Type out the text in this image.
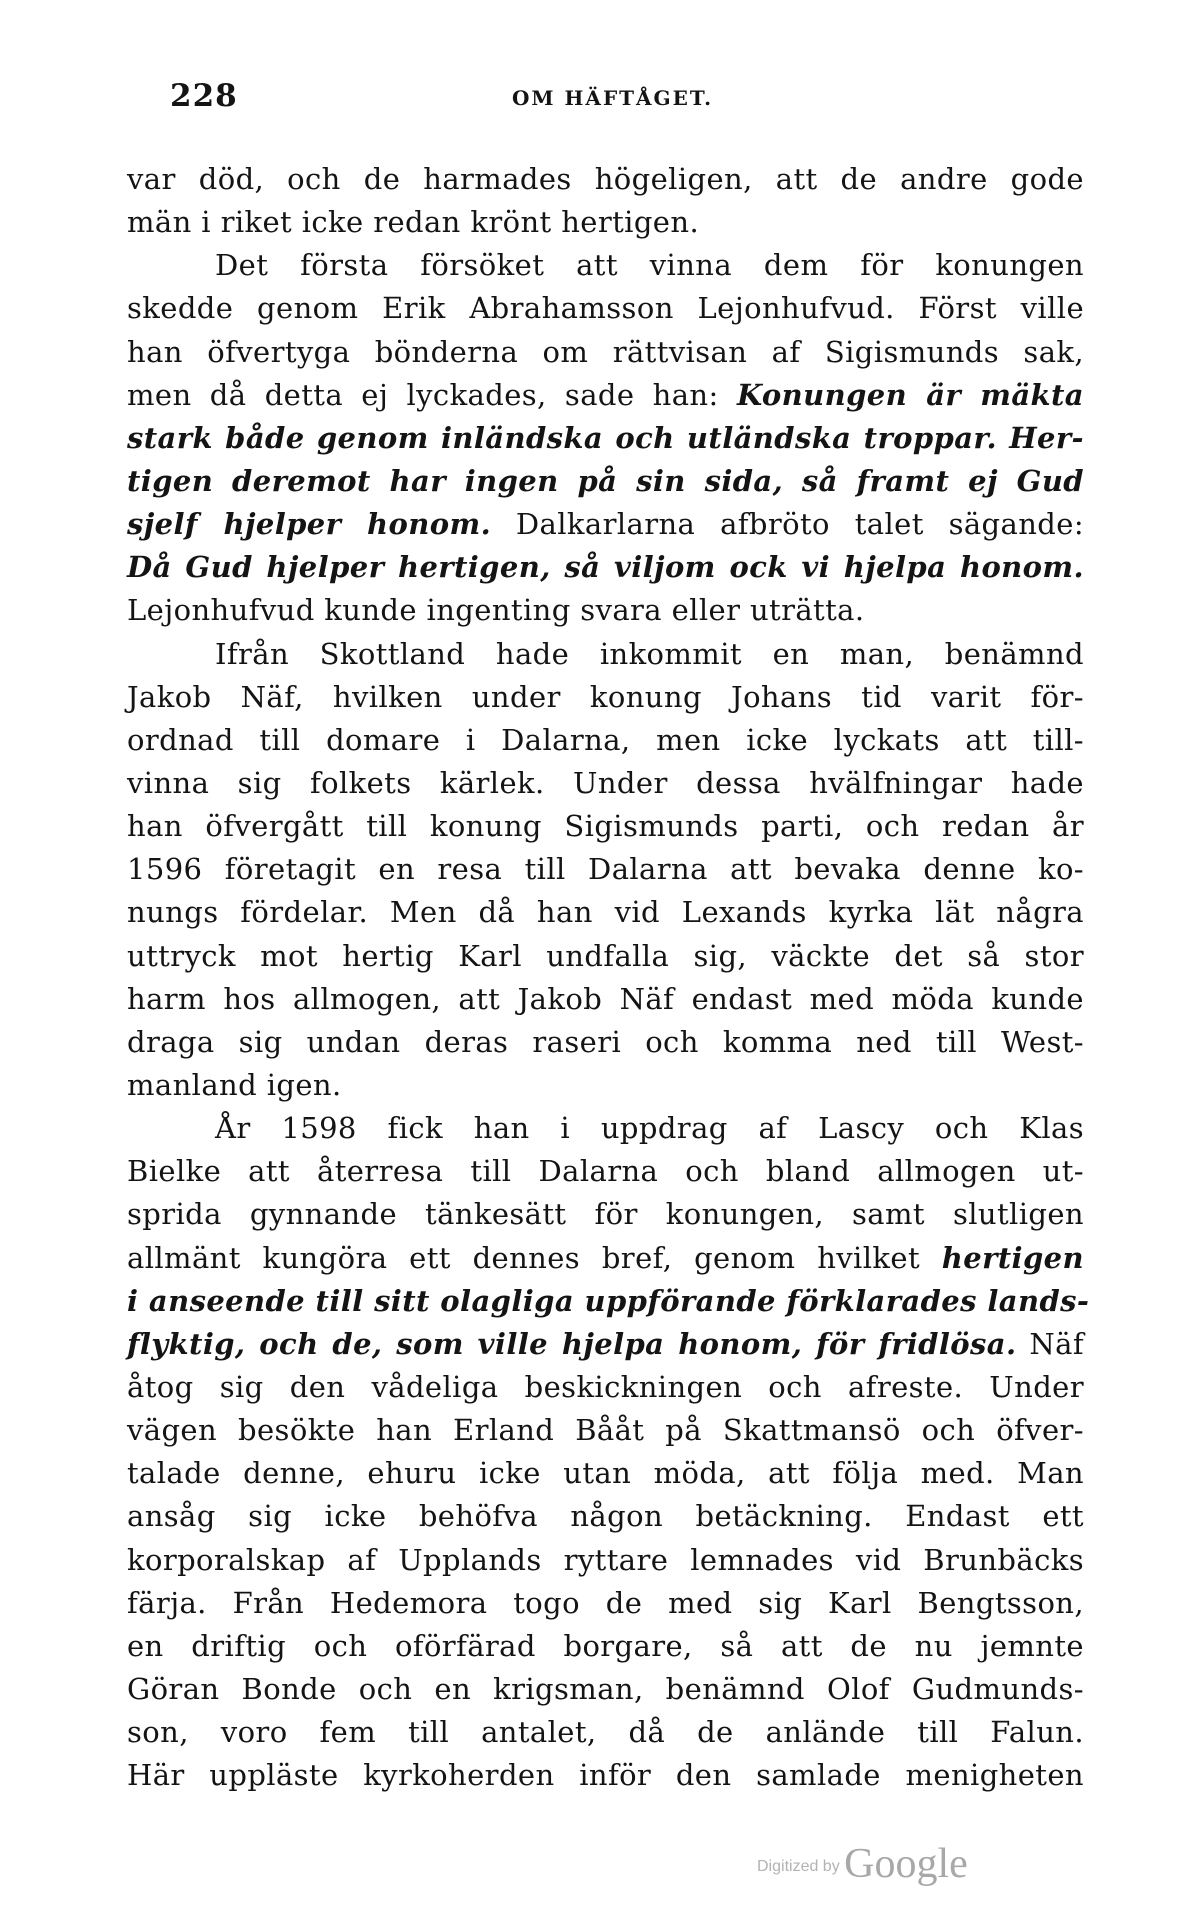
228	OM HÄFTÅGET.
var död, och de harmades högeligen, att de andre gode
män i riket icke redan krönt hertigen.
Det första försöket att vinna dem för konungen
skedde genom Erik Abrahamsson Lejonhufvud. Först ville
han öfvertyga bönderna om rättvisan af Sigismunds sak,
men då detta ej lyckades, sade han: Konungen är mäkta
stark både genom inländska och utländska troppar. Her-
tigen deremot har ingen på sin sida, så framt ej Gud
sjelf hjelper honom. Dalkarlarna afbröto talet sägande:
Då Gud hjelper hertigen, så viljom ock vi hjelpa honom.
Lejonhufvud kunde ingenting svara eller uträtta.
Ifrån Skottland hade inkommit en man, benämnd
Jakob Näf, hvilken under konung Johans tid varit för-
ordnad till domare i Dalarna, men icke lyckats att till-
vinna sig folkets kärlek. Under dessa hvälfningar hade
han öfvergått till konung Sigismunds parti, och redan år
1596 företagit en resa till Dalarna att bevaka denne ko-
nungs fördelar. Men då han vid Lexands kyrka lät några
uttryck mot hertig Karl undfalla sig, väckte det så stor
harm hos allmogen, att Jakob Näf endast med möda kunde
draga sig undan deras raseri och komma ned till West-
manland igen.
År 1598 fick han i uppdrag af Lascy och Klas
Bielke att återresa till Dalarna och bland allmogen ut-
sprida gynnande tänkesätt för konungen, samt slutligen
allmänt kungöra ett dennes bref, genom hvilket hertigen
i anseende till sitt olagliga uppförande förklarades lands-
flyktig, och de, som ville hjelpa honom, för fridlösa. Näf
åtog sig den vådeliga beskickningen och afreste. Under
vägen besökte han Erland Bååt på Skattmansö och öfver-
talade denne, ehuru icke utan möda, att följa med. Man
ansåg sig icke behöfva någon betäckning. Endast ett
korporalskap af Upplands ryttare lemnades vid Brunbäcks
färja. Från Hedemora togo de med sig Karl Bengtsson,
en driftig och oförfärad borgare, så att de nu jemnte
Göran Bonde och en krigsman, benämnd Olof Gudmunds-
son, voro fem till antalet, då de anlände till Falun.
Här uppläste kyrkoherden inför den samlade menigheten
Digitized by Google
